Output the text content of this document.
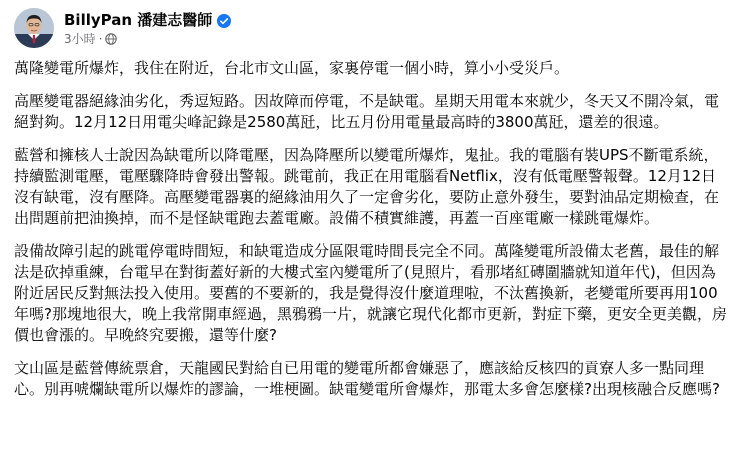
BillyPan 潘建志醫師
3小時 ·

萬隆變電所爆炸，我住在附近，台北市文山區，家裏停電一個小時，算小小受災戶。

高壓變電器絕緣油劣化，秀逗短路。因故障而停電，不是缺電。星期天用電本來就少，冬天又不開冷氣，電絕對夠。12月12日用電尖峰記錄是2580萬瓩，比五月份用電量最高時的3800萬瓩，還差的很遠。

藍營和擁核人士說因為缺電所以降電壓，因為降壓所以變電所爆炸，鬼扯。我的電腦有裝UPS不斷電系統，持續監測電壓，電壓驟降時會發出警報。跳電前，我正在用電腦看Netflix，沒有低電壓警報聲。12月12日沒有缺電，沒有壓降。高壓變電器裏的絕緣油用久了一定會劣化，要防止意外發生，要對油品定期檢查，在出問題前把油換掉，而不是怪缺電跑去蓋電廠。設備不積實維護，再蓋一百座電廠一樣跳電爆炸。

設備故障引起的跳電停電時間短，和缺電造成分區限電時間長完全不同。萬隆變電所設備太老舊，最佳的解法是砍掉重練，台電早在對街蓋好新的大樓式室內變電所了(見照片，看那堵紅磚圍牆就知道年代)，但因為附近居民反對無法投入使用。要舊的不要新的，我是覺得沒什麼道理啦，不汰舊換新，老變電所要再用100年嗎?那塊地很大，晚上我常開車經過，黑鴉鴉一片，就讓它現代化都市更新，對症下藥，更安全更美觀，房價也會漲的。早晚終究要搬，還等什麼?

文山區是藍營傳統票倉，天龍國民對給自已用電的變電所都會嫌惡了，應該給反核四的貢寮人多一點同理心。別再唬爛缺電所以爆炸的謬論，一堆梗圖。缺電變電所會爆炸，那電太多會怎麼樣?出現核融合反應嗎?
